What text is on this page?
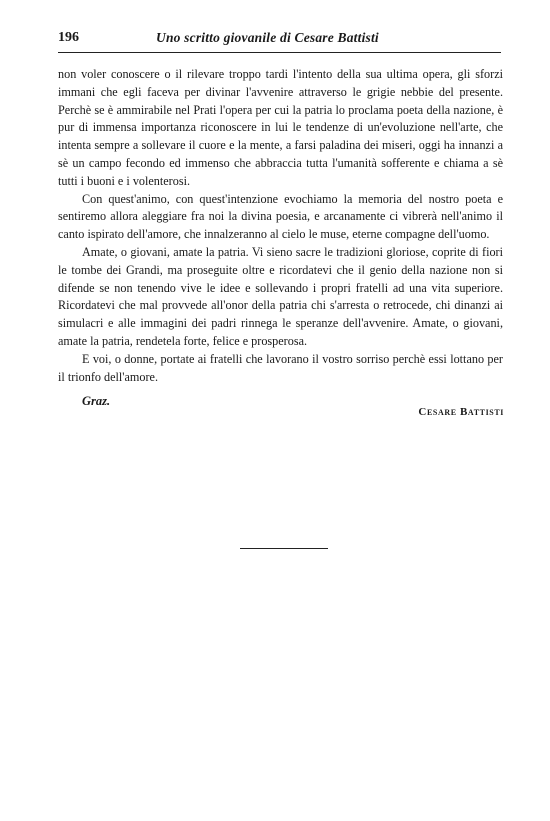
196	Uno scritto giovanile di Cesare Battisti

non voler conoscere o il rilevare troppo tardi l'intento della sua ultima opera, gli sforzi immani che egli faceva per divinar l'avvenire attraverso le grigie nebbie del presente. Perchè se è ammirabile nel Prati l'opera per cui la patria lo proclama poeta della nazione, è pur di immensa importanza riconoscere in lui le tendenze di un'evoluzione nell'arte, che intenta sempre a sollevare il cuore e la mente, a farsi paladina dei miseri, oggi ha innanzi a sè un campo fecondo ed immenso che abbraccia tutta l'umanità sofferente e chiama a sè tutti i buoni e i volenterosi.

Con quest'animo, con quest'intenzione evochiamo la memoria del nostro poeta e sentiremo allora aleggiare fra noi la divina poesia, e arcanamente ci vibrerà nell'animo il canto ispirato dell'amore, che innalzeranno al cielo le muse, eterne compagne dell'uomo.

Amate, o giovani, amate la patria. Vi sieno sacre le tradizioni gloriose, coprite di fiori le tombe dei Grandi, ma proseguite oltre e ricordatevi che il genio della nazione non si difende se non tenendo vive le idee e sollevando i propri fratelli ad una vita superiore. Ricordatevi che mal provvede all'onor della patria chi s'arresta o retrocede, chi dinanzi ai simulacri e alle immagini dei padri rinnega le speranze dell'avvenire. Amate, o giovani, amate la patria, rendetela forte, felice e prosperosa.

E voi, o donne, portate ai fratelli che lavorano il vostro sorriso perchè essi lottano per il trionfo dell'amore.

Graz.
Cesare Battisti
